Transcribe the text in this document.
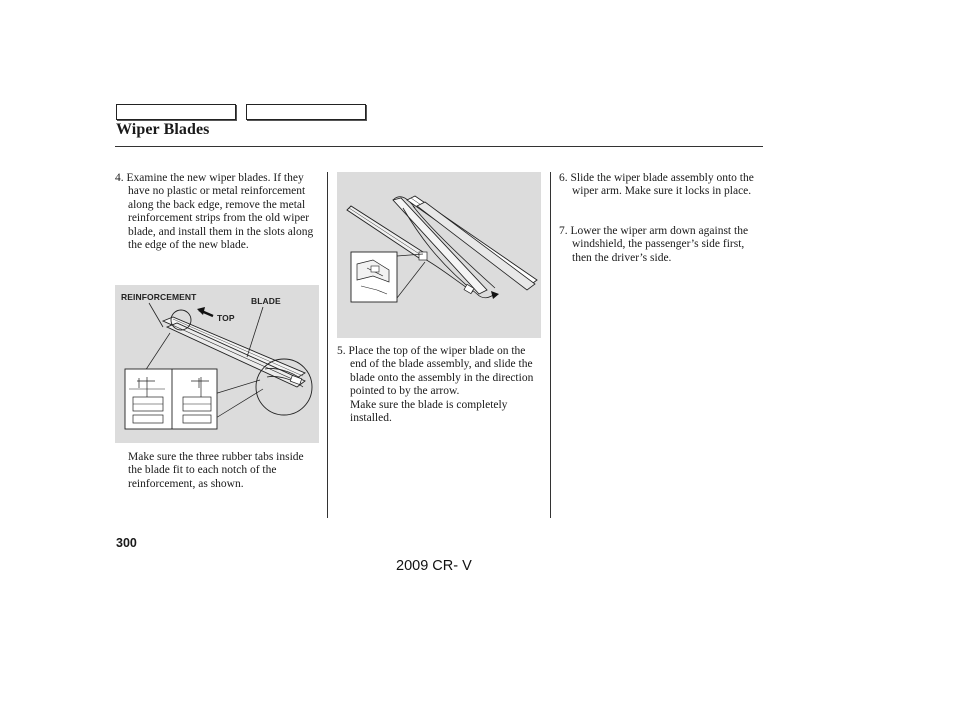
Wiper Blades

4. Examine the new wiper blades. If they have no plastic or metal reinforcement along the back edge, remove the metal reinforcement strips from the old wiper blade, and install them in the slots along the edge of the new blade.

REINFORCEMENT	BLADE
TOP

Make sure the three rubber tabs inside the blade fit to each notch of the reinforcement, as shown.

5. Place the top of the wiper blade on the end of the blade assembly, and slide the blade onto the assembly in the direction pointed to by the arrow.

Make sure the blade is completely installed.

6. Slide the wiper blade assembly onto the wiper arm. Make sure it locks in place.

7. Lower the wiper arm down against the windshield, the passenger’s side first, then the driver’s side.

300
2009 CR- V
